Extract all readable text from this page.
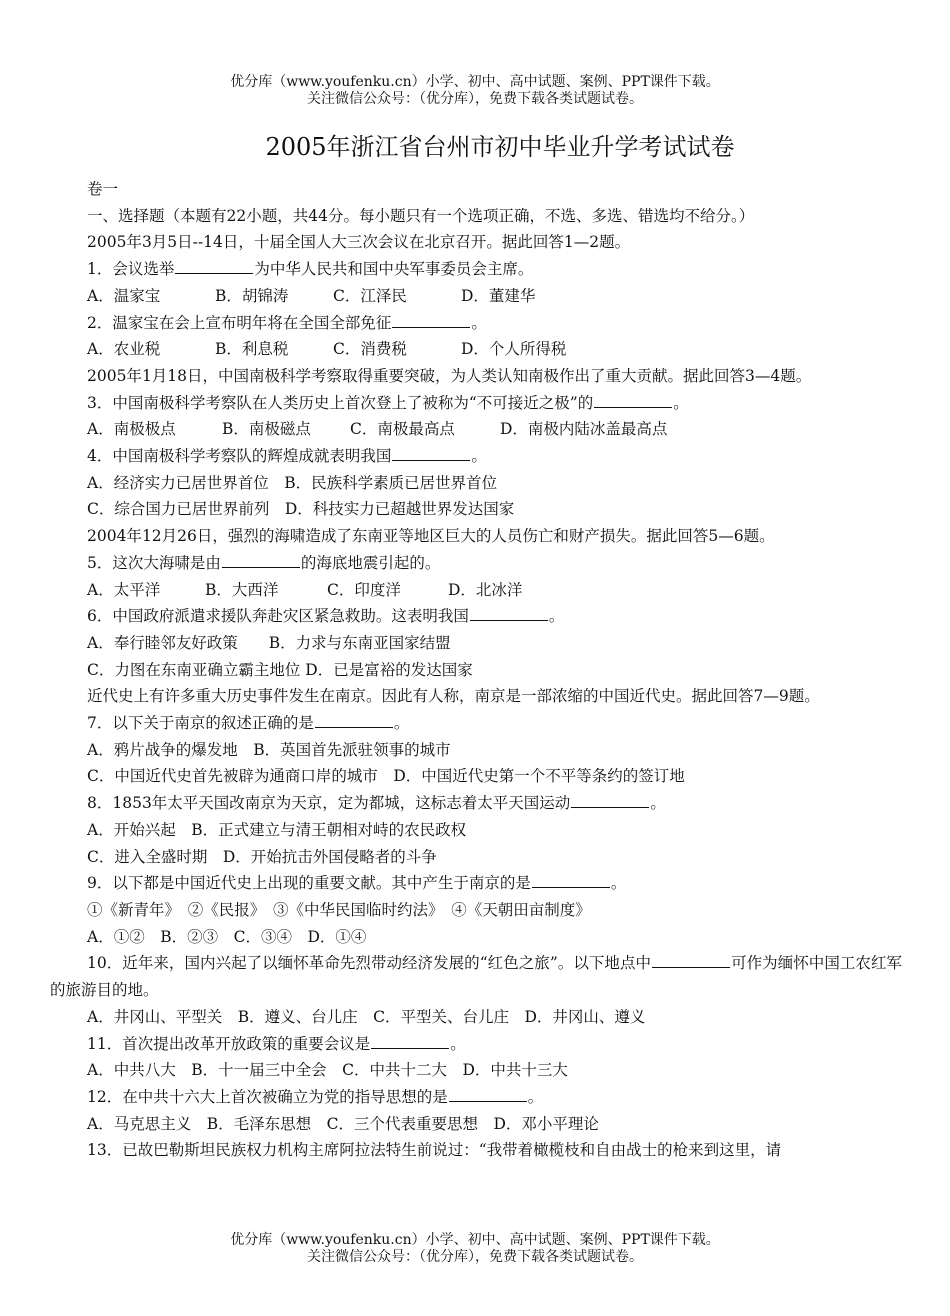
优分库（www.youfenku.cn）小学、初中、高中试题、案例、PPT课件下载。
关注微信公众号：（优分库），免费下载各类试题试卷。
2005年浙江省台州市初中毕业升学考试试卷

卷一

一、选择题（本题有22小题，共44分。每小题只有一个选项正确，不选、多选、错选均不给分。）

2005年3月5日--14日，十届全国人大三次会议在北京召开。据此回答1—2题。

1．会议选举	为中华人民共和国中央军事委员会主席。

A．温家宝	B．胡锦涛	C．江泽民	D．董建华

2．温家宝在会上宣布明年将在全国全部免征	。

A．农业税	B．利息税	C．消费税	D．个人所得税

2005年1月18日，中国南极科学考察取得重要突破，为人类认知南极作出了重大贡献。据此回答3—4题。

3．中国南极科学考察队在人类历史上首次登上了被称为“不可接近之极”的	。

A．南极极点	B．南极磁点	C．南极最高点	D．南极内陆冰盖最高点

4．中国南极科学考察队的辉煌成就表明我国	。

A．经济实力已居世界首位　B．民族科学素质已居世界首位

C．综合国力已居世界前列　D．科技实力已超越世界发达国家

2004年12月26日，强烈的海啸造成了东南亚等地区巨大的人员伤亡和财产损失。据此回答5—6题。

5．这次大海啸是由	的海底地震引起的。

A．太平洋	B．大西洋	C．印度洋	D．北冰洋

6．中国政府派遣求援队奔赴灾区紧急救助。这表明我国	。

A．奉行睦邻友好政策　　B．力求与东南亚国家结盟

C．力图在东南亚确立霸主地位 D．已是富裕的发达国家

近代史上有许多重大历史事件发生在南京。因此有人称，南京是一部浓缩的中国近代史。据此回答7—9题。

7．以下关于南京的叙述正确的是	。

A．鸦片战争的爆发地　B．英国首先派驻领事的城市

C．中国近代史首先被辟为通商口岸的城市　D．中国近代史第一个不平等条约的签订地

8．1853年太平天国改南京为天京，定为都城，这标志着太平天国运动	。

A．开始兴起　B．正式建立与清王朝相对峙的农民政权

C．进入全盛时期　D．开始抗击外国侵略者的斗争

9．以下都是中国近代史上出现的重要文献。其中产生于南京的是	。

①《新青年》　②《民报》　③《中华民国临时约法》　④《天朝田亩制度》

A．①②　B．②③　C．③④　D．①④

10．近年来，国内兴起了以缅怀革命先烈带动经济发展的“红色之旅”。以下地点中	可作为缅怀中国工农红军的旅游目的地。

A．井冈山、平型关　B．遵义、台儿庄　C．平型关、台儿庄　D．井冈山、遵义

11．首次提出改革开放政策的重要会议是	。

A．中共八大　B．十一届三中全会　C．中共十二大　D．中共十三大

12．在中共十六大上首次被确立为党的指导思想的是	。

A．马克思主义　B．毛泽东思想　C．三个代表重要思想　D．邓小平理论

13．已故巴勒斯坦民族权力机构主席阿拉法特生前说过：“我带着橄榄枝和自由战士的枪来到这里，请

优分库（www.youfenku.cn）小学、初中、高中试题、案例、PPT课件下载。
关注微信公众号：（优分库），免费下载各类试题试卷。
